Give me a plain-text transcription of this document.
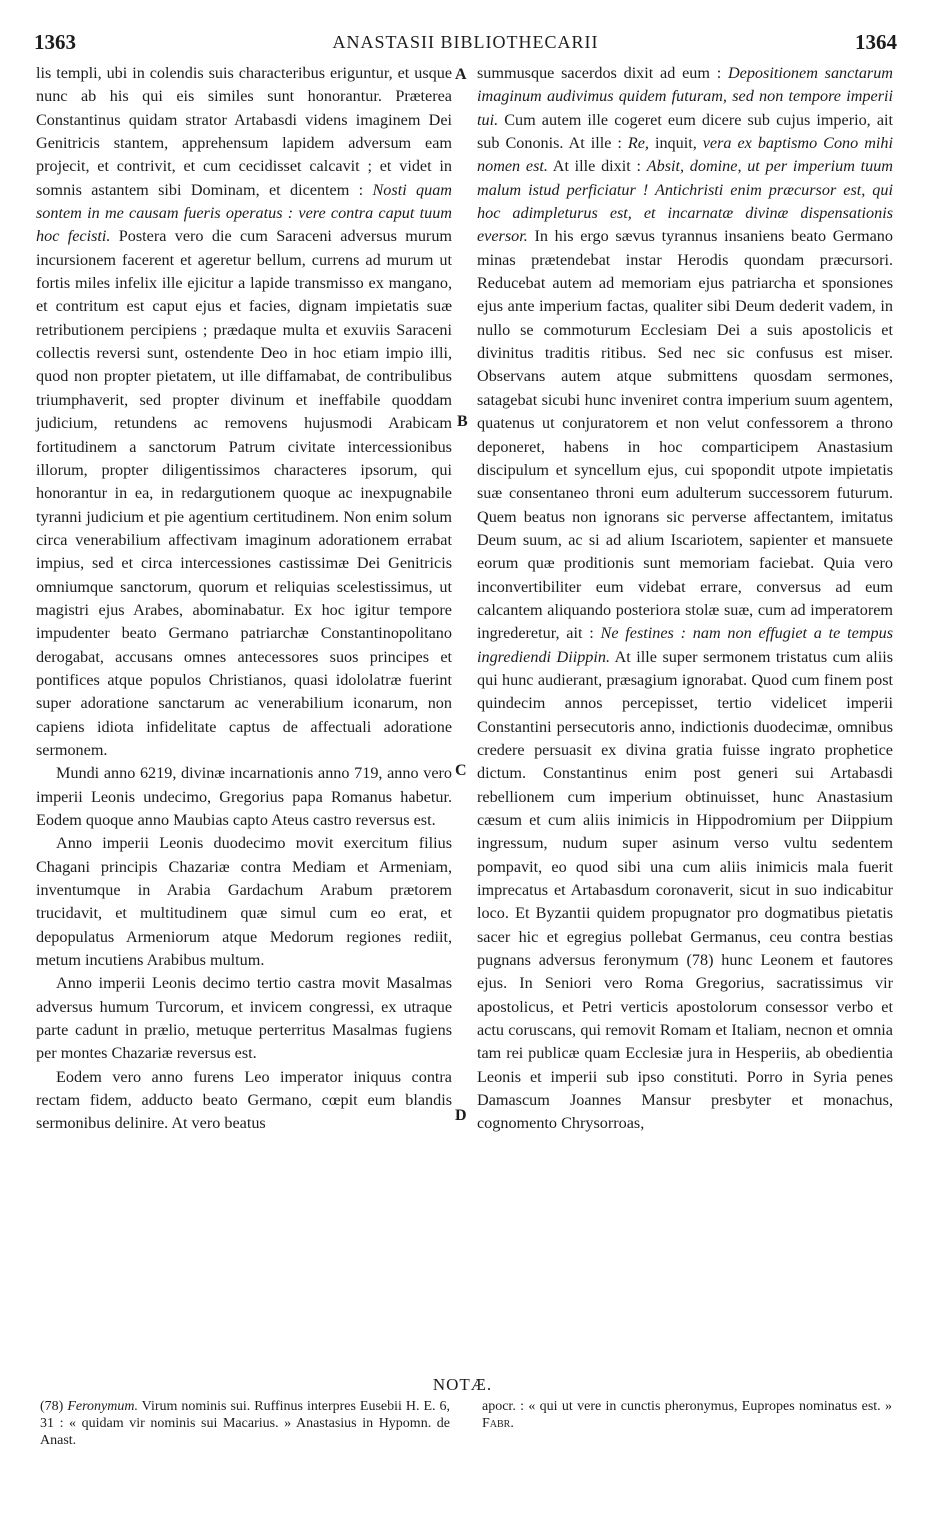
1363	ANASTASII BIBLIOTHECARII	1364
A
B
C
D

lis templi, ubi in colendis suis characteribus eriguntur, et usque nunc ab his qui eis similes sunt honorantur. Præterea Constantinus quidam strator Artabasdi videns imaginem Dei Genitricis stantem, apprehensum lapidem adversum eam projecit, et contrivit, et cum cecidisset calcavit ; et videt in somnis astantem sibi Dominam, et dicentem : Nosti quam sontem in me causam fueris operatus : vere contra caput tuum hoc fecisti. Postera vero die cum Saraceni adversus murum incursionem facerent et ageretur bellum, currens ad murum ut fortis miles infelix ille ejicitur a lapide transmisso ex mangano, et contritum est caput ejus et facies, dignam impietatis suæ retributionem percipiens ; prædaque multa et exuviis Saraceni collectis reversi sunt, ostendente Deo in hoc etiam impio illi, quod non propter pietatem, ut ille diffamabat, de contribulibus triumphaverit, sed propter divinum et ineffabile quoddam judicium, retundens ac removens hujusmodi Arabicam fortitudinem a sanctorum Patrum civitate intercessionibus illorum, propter diligentissimos characteres ipsorum, qui honorantur in ea, in redargutionem quoque ac inexpugnabile tyranni judicium et pie agentium certitudinem. Non enim solum circa venerabilium affectivam imaginum adorationem errabat impius, sed et circa intercessiones castissimæ Dei Genitricis omniumque sanctorum, quorum et reliquias scelestissimus, ut magistri ejus Arabes, abominabatur. Ex hoc igitur tempore impudenter beato Germano patriarchæ Constantinopolitano derogabat, accusans omnes antecessores suos principes et pontifices atque populos Christianos, quasi idololatræ fuerint super adoratione sanctarum ac venerabilium iconarum, non capiens idiota infidelitate captus de affectuali adoratione sermonem.

Mundi anno 6219, divinæ incarnationis anno 719, anno vero imperii Leonis undecimo, Gregorius papa Romanus habetur. Eodem quoque anno Maubias capto Ateus castro reversus est.

Anno imperii Leonis duodecimo movit exercitum filius Chagani principis Chazariæ contra Mediam et Armeniam, inventumque in Arabia Gardachum Arabum prætorem trucidavit, et multitudinem quæ simul cum eo erat, et depopulatus Armeniorum atque Medorum regiones rediit, metum incutiens Arabibus multum.

Anno imperii Leonis decimo tertio castra movit Masalmas adversus humum Turcorum, et invicem congressi, ex utraque parte cadunt in prælio, metuque perterritus Masalmas fugiens per montes Chazariæ reversus est.

Eodem vero anno furens Leo imperator iniquus contra rectam fidem, adducto beato Germano, cœpit eum blandis sermonibus delinire. At vero beatus

summusque sacerdos dixit ad eum : Depositionem sanctarum imaginum audivimus quidem futuram, sed non tempore imperii tui. Cum autem ille cogeret eum dicere sub cujus imperio, ait sub Cononis. At ille : Re, inquit, vera ex baptismo Cono mihi nomen est. At ille dixit : Absit, domine, ut per imperium tuum malum istud perficiatur ! Antichristi enim præcursor est, qui hoc adimpleturus est, et incarnatæ divinæ dispensationis eversor. In his ergo sævus tyrannus insaniens beato Germano minas prætendebat instar Herodis quondam præcursori. Reducebat autem ad memoriam ejus patriarcha et sponsiones ejus ante imperium factas, qualiter sibi Deum dederit vadem, in nullo se commoturum Ecclesiam Dei a suis apostolicis et divinitus traditis ritibus. Sed nec sic confusus est miser. Observans autem atque submittens quosdam sermones, satagebat sicubi hunc inveniret contra imperium suum agentem, quatenus ut conjuratorem et non velut confessorem a throno deponeret, habens in hoc comparticipem Anastasium discipulum et syncellum ejus, cui spopondit utpote impietatis suæ consentaneo throni eum adulterum successorem futurum. Quem beatus non ignorans sic perverse affectantem, imitatus Deum suum, ac si ad alium Iscariotem, sapienter et mansuete eorum quæ proditionis sunt memoriam faciebat. Quia vero inconvertibiliter eum videbat errare, conversus ad eum calcantem aliquando posteriora stolæ suæ, cum ad imperatorem ingrederetur, ait : Ne festines : nam non effugiet a te tempus ingrediendi Diippin. At ille super sermonem tristatus cum aliis qui hunc audierant, præsagium ignorabat. Quod cum finem post quindecim annos percepisset, tertio videlicet imperii Constantini persecutoris anno, indictionis duodecimæ, omnibus credere persuasit ex divina gratia fuisse ingrato prophetice dictum. Constantinus enim post generi sui Artabasdi rebellionem cum imperium obtinuisset, hunc Anastasium cæsum et cum aliis inimicis in Hippodromium per Diippium ingressum, nudum super asinum verso vultu sedentem pompavit, eo quod sibi una cum aliis inimicis mala fuerit imprecatus et Artabasdum coronaverit, sicut in suo indicabitur loco. Et Byzantii quidem propugnator pro dogmatibus pietatis sacer hic et egregius pollebat Germanus, ceu contra bestias pugnans adversus feronymum (78) hunc Leonem et fautores ejus. In Seniori vero Roma Gregorius, sacratissimus vir apostolicus, et Petri verticis apostolorum consessor verbo et actu coruscans, qui removit Romam et Italiam, necnon et omnia tam rei publicæ quam Ecclesiæ jura in Hesperiis, ab obedientia Leonis et imperii sub ipso constituti. Porro in Syria penes Damascum Joannes Mansur presbyter et monachus, cognomento Chrysorroas,

NOTÆ.

(78) Feronymum. Virum nominis sui. Ruffinus interpres Eusebii H. E. 6, 31 : « quidam vir nominis sui Macarius. » Anastasius in Hypomn. de Anast.

apocr. : « qui ut vere in cunctis pheronymus, Eupropes nominatus est. » Fabr.
